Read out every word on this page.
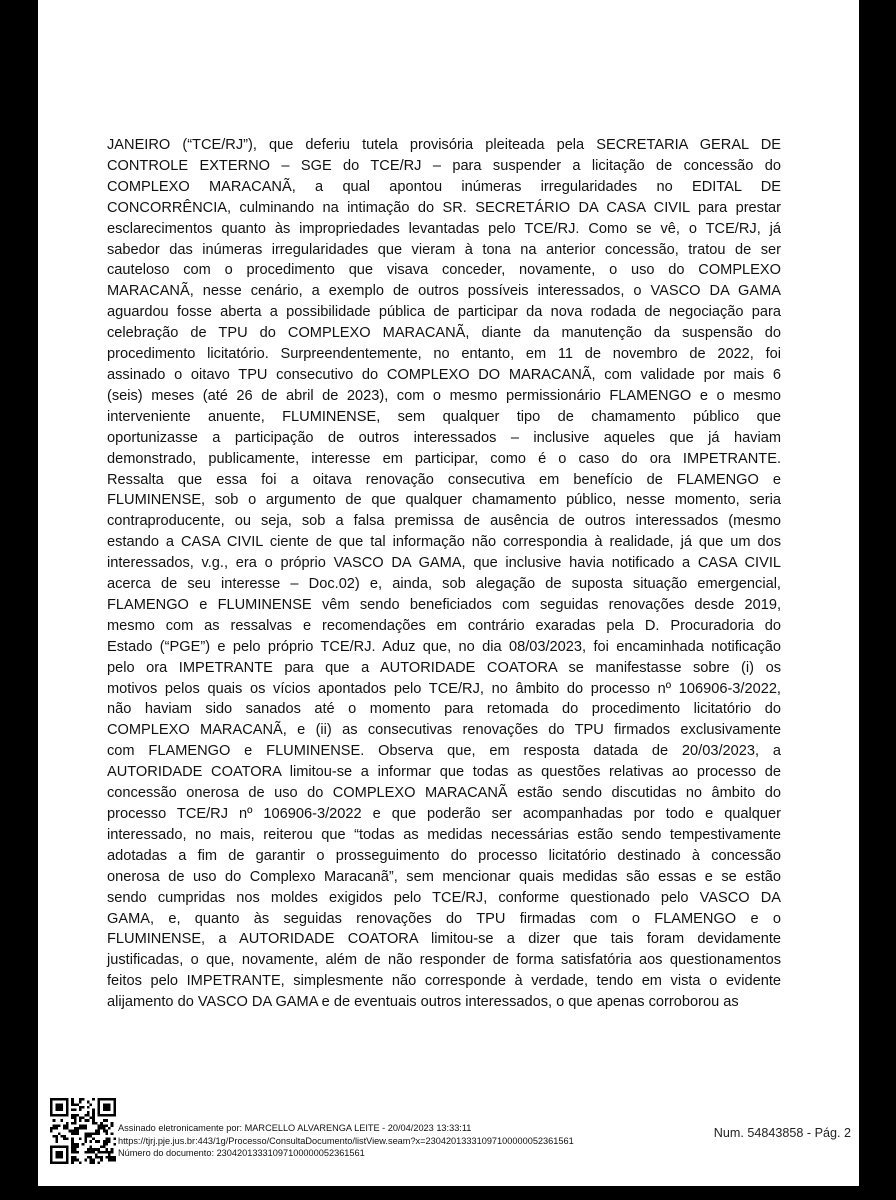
JANEIRO (“TCE/RJ”), que deferiu tutela provisória pleiteada pela SECRETARIA GERAL DE
CONTROLE EXTERNO – SGE do TCE/RJ – para suspender a licitação de concessão do
COMPLEXO MARACANÃ, a qual apontou inúmeras irregularidades no EDITAL DE
CONCORRÊNCIA, culminando na intimação do SR. SECRETÁRIO DA CASA CIVIL para prestar
esclarecimentos quanto às impropriedades levantadas pelo TCE/RJ. Como se vê, o TCE/RJ, já
sabedor das inúmeras irregularidades que vieram à tona na anterior concessão, tratou de ser
cauteloso com o procedimento que visava conceder, novamente, o uso do COMPLEXO
MARACANÃ, nesse cenário, a exemplo de outros possíveis interessados, o VASCO DA GAMA
aguardou fosse aberta a possibilidade pública de participar da nova rodada de negociação para
celebração de TPU do COMPLEXO MARACANÃ, diante da manutenção da suspensão do
procedimento licitatório. Surpreendentemente, no entanto, em 11 de novembro de 2022, foi
assinado o oitavo TPU consecutivo do COMPLEXO DO MARACANÃ, com validade por mais 6
(seis) meses (até 26 de abril de 2023), com o mesmo permissionário FLAMENGO e o mesmo
interveniente anuente, FLUMINENSE, sem qualquer tipo de chamamento público que
oportunizasse a participação de outros interessados – inclusive aqueles que já haviam
demonstrado, publicamente, interesse em participar, como é o caso do ora IMPETRANTE.
Ressalta que essa foi a oitava renovação consecutiva em benefício de FLAMENGO e
FLUMINENSE, sob o argumento de que qualquer chamamento público, nesse momento, seria
contraproducente, ou seja, sob a falsa premissa de ausência de outros interessados (mesmo
estando a CASA CIVIL ciente de que tal informação não correspondia à realidade, já que um dos
interessados, v.g., era o próprio VASCO DA GAMA, que inclusive havia notificado a CASA CIVIL
acerca de seu interesse – Doc.02) e, ainda, sob alegação de suposta situação emergencial,
FLAMENGO e FLUMINENSE vêm sendo beneficiados com seguidas renovações desde 2019,
mesmo com as ressalvas e recomendações em contrário exaradas pela D. Procuradoria do
Estado (“PGE”) e pelo próprio TCE/RJ. Aduz que, no dia 08/03/2023, foi encaminhada notificação
pelo ora IMPETRANTE para que a AUTORIDADE COATORA se manifestasse sobre (i) os
motivos pelos quais os vícios apontados pelo TCE/RJ, no âmbito do processo nº 106906-3/2022,
não haviam sido sanados até o momento para retomada do procedimento licitatório do
COMPLEXO MARACANÃ, e (ii) as consecutivas renovações do TPU firmados exclusivamente
com FLAMENGO e FLUMINENSE. Observa que, em resposta datada de 20/03/2023, a
AUTORIDADE COATORA limitou-se a informar que todas as questões relativas ao processo de
concessão onerosa de uso do COMPLEXO MARACANÃ estão sendo discutidas no âmbito do
processo TCE/RJ nº 106906-3/2022 e que poderão ser acompanhadas por todo e qualquer
interessado, no mais, reiterou que “todas as medidas necessárias estão sendo tempestivamente
adotadas a fim de garantir o prosseguimento do processo licitatório destinado à concessão
onerosa de uso do Complexo Maracanã”, sem mencionar quais medidas são essas e se estão
sendo cumpridas nos moldes exigidos pelo TCE/RJ, conforme questionado pelo VASCO DA
GAMA, e, quanto às seguidas renovações do TPU firmadas com o FLAMENGO e o
FLUMINENSE, a AUTORIDADE COATORA limitou-se a dizer que tais foram devidamente
justificadas, o que, novamente, além de não responder de forma satisfatória aos questionamentos
feitos pelo IMPETRANTE, simplesmente não corresponde à verdade, tendo em vista o evidente
alijamento do VASCO DA GAMA e de eventuais outros interessados, o que apenas corroborou as
Assinado eletronicamente por: MARCELLO ALVARENGA LEITE - 20/04/2023 13:33:11
https://tjrj.pje.jus.br:443/1g/Processo/ConsultaDocumento/listView.seam?x=23042013331097100000052361561
Número do documento: 23042013331097100000052361561
Num. 54843858 - Pág. 2
